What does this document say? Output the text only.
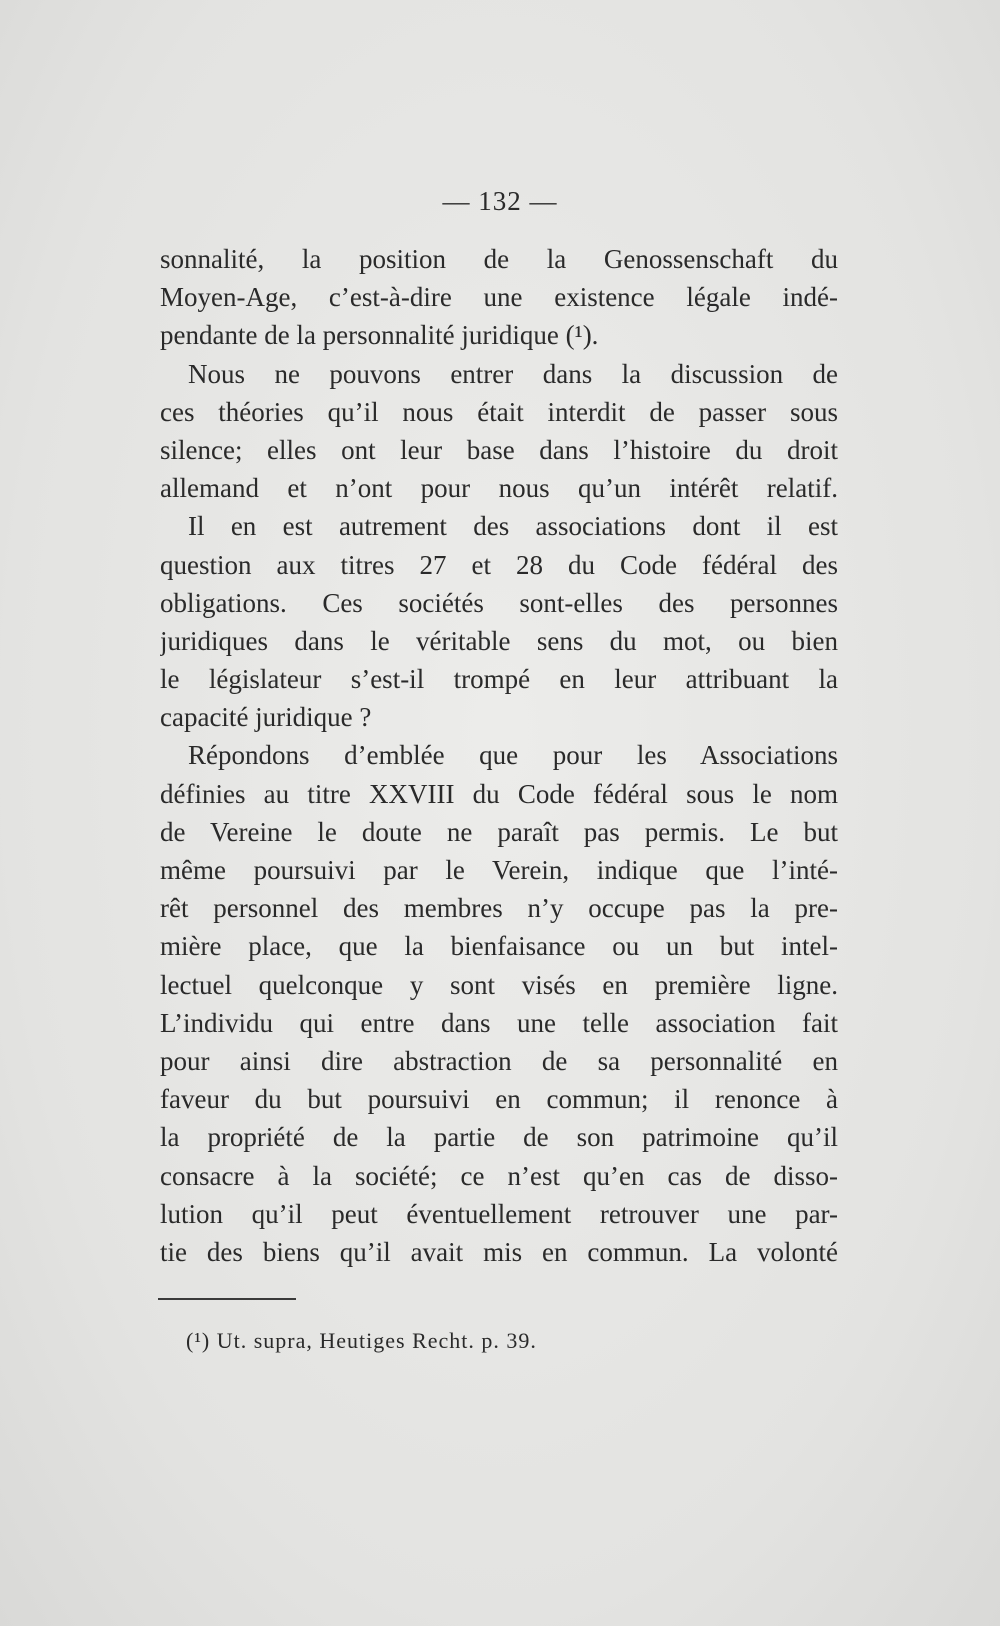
— 132 —
sonnalité, la position de la Genossenschaft du
Moyen-Age, c’est-à-dire une existence légale indé-
pendante de la personnalité juridique (¹).
Nous ne pouvons entrer dans la discussion de
ces théories qu’il nous était interdit de passer sous
silence; elles ont leur base dans l’histoire du droit
allemand et n’ont pour nous qu’un intérêt relatif.
Il en est autrement des associations dont il est
question aux titres 27 et 28 du Code fédéral des
obligations. Ces sociétés sont-elles des personnes
juridiques dans le véritable sens du mot, ou bien
le législateur s’est-il trompé en leur attribuant la
capacité juridique ?
Répondons d’emblée que pour les Associations
définies au titre XXVIII du Code fédéral sous le nom
de Vereine le doute ne paraît pas permis. Le but
même poursuivi par le Verein, indique que l’inté-
rêt personnel des membres n’y occupe pas la pre-
mière place, que la bienfaisance ou un but intel-
lectuel quelconque y sont visés en première ligne.
L’individu qui entre dans une telle association fait
pour ainsi dire abstraction de sa personnalité en
faveur du but poursuivi en commun; il renonce à
la propriété de la partie de son patrimoine qu’il
consacre à la société; ce n’est qu’en cas de disso-
lution qu’il peut éventuellement retrouver une par-
tie des biens qu’il avait mis en commun. La volonté
(¹) Ut. supra, Heutiges Recht. p. 39.
